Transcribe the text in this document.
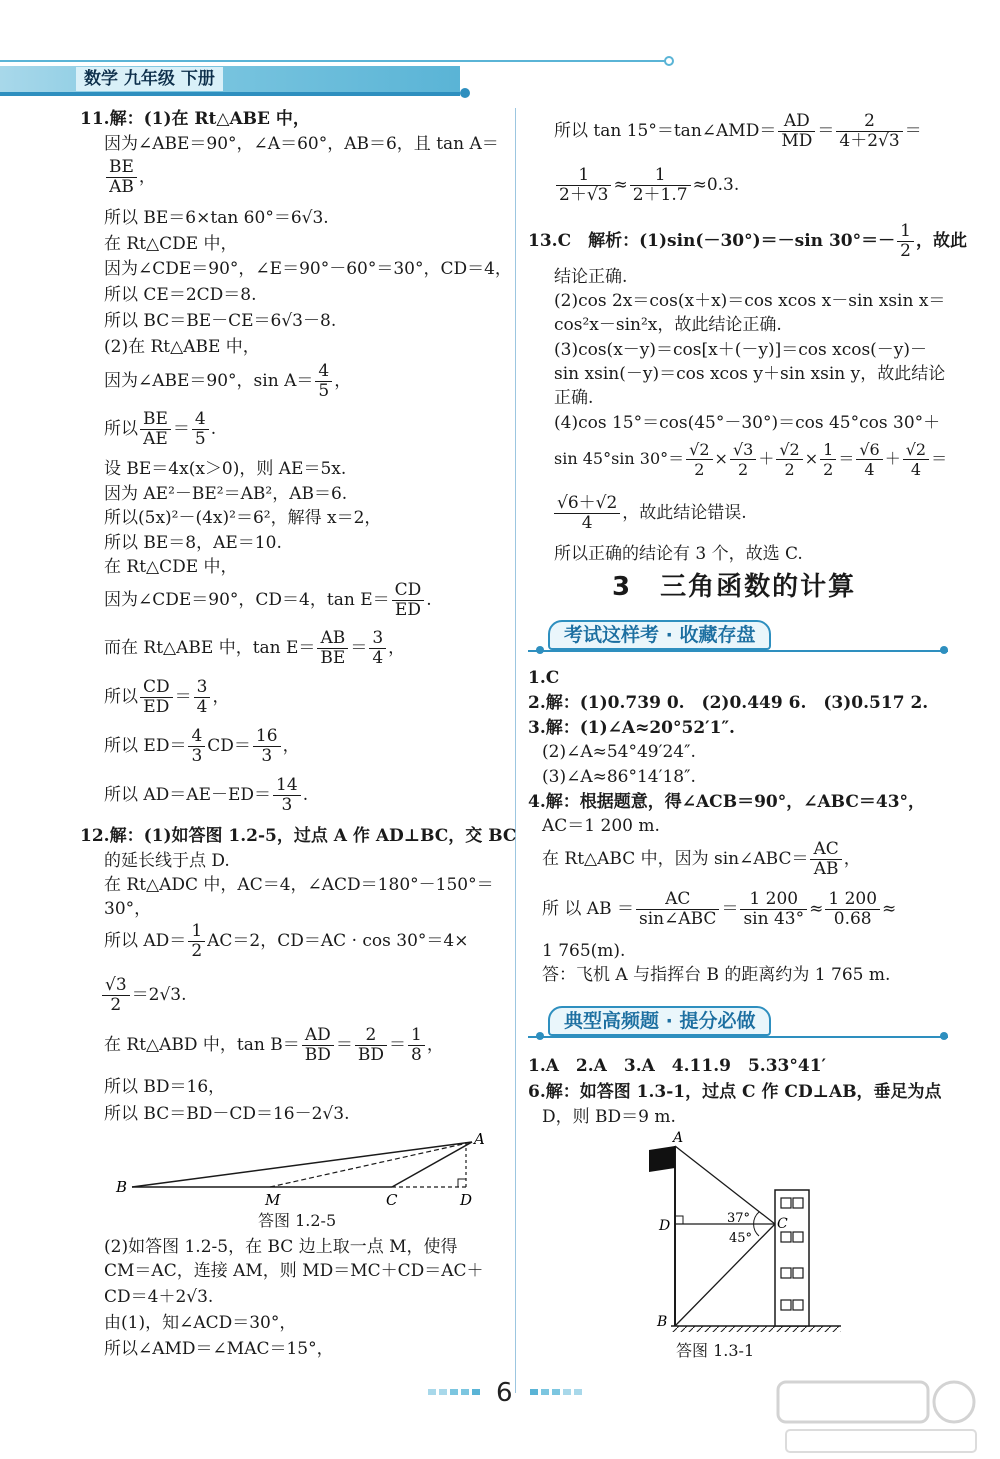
数学 九年级 下册
11.解：(1)在 Rt△ABE 中，
因为∠ABE＝90°，∠A＝60°，AB＝6，且 tan A＝
$\frac{BE}{AB}$ ，
所以 BE＝6×tan 60°＝6√3.
在 Rt△CDE 中，
因为∠CDE＝90°，∠E＝90°－60°＝30°，CD＝4，
所以 CE＝2CD＝8.
所以 BC＝BE－CE＝6√3－8.
(2)在 Rt△ABE 中，
因为∠ABE＝90°，$\sin A= \frac{4}{5}$ ，
所以 $\frac{BE}{AE} = \frac{4}{5}$ .
设 BE＝4x(x＞0)，则 AE＝5x.
因为 AE²－BE²＝AB²，AB＝6.
所以(5x)²－(4x)²＝6²，解得 x＝2，
所以 BE＝8，AE＝10.
在 Rt△CDE 中，
因为∠CDE＝90°，CD＝4，$\tan E= \frac{CD}{ED}$ .
而在 Rt△ABE 中，$\tan E= \frac{AB}{BE} = \frac{3}{4}$ ，
所以 $\frac{CD}{ED} = \frac{3}{4}$ ，
所以 $ED= \frac{4}{3} CD= \frac{16}{3}$ ，
所以 $AD=AE-ED= \frac{14}{3}$ .
12.解：(1)如答图 1.2-5，过点 A 作 AD⊥BC，交 BC
的延长线于点 D.
在 Rt△ADC 中，AC＝4，∠ACD＝180°－150°＝
30°，
所以 $AD= \frac{1}{2} AC=2$，CD＝AC · cos 30°＝4×
$\frac{√3}{2} =2√3$.
在 Rt△ABD 中，$\tan B= \frac{AD}{BD} = \frac{2}{BD} = \frac{1}{8}$ ，
所以 BD＝16，
所以 BC＝BD－CD＝16－2√3.
A
B
M	C	D
答图 1.2-5
(2)如答图 1.2-5，在 BC 边上取一点 M，使得
CM＝AC，连接 AM，则 MD＝MC＋CD＝AC＋
CD＝4＋2√3.
由(1)，知∠ACD＝30°，
所以∠AMD＝∠MAC＝15°，
所以 tan 15°＝tan∠AMD＝ $\frac{AD}{MD} = \frac{2}{4+2√3}$ ＝
$\frac{1}{2+√3} \approx \frac{1}{2+1.7} \approx 0.3$.
13.C　解析：(1)sin(－30°)＝－sin $30^\circ=- \frac{1}{2}$ ，故此
结论正确.
(2)cos 2x＝cos(x＋x)＝cos xcos x－sin xsin x＝
cos²x－sin²x，故此结论正确.
(3)cos(x－y)＝cos[x＋(－y)]＝cos xcos(－y)－
sin xsin(－y)＝cos xcos y＋sin xsin y，故此结论
正确.
(4)cos 15°＝cos(45°－30°)＝cos 45°cos 30°＋
sin 45°sin $30^\circ= \frac{√2}{2} \times \frac{√3}{2} + \frac{√2}{2} \times \frac{1}{2} = \frac{√6}{4} + \frac{√2}{4}$ ＝
$\frac{√6+√2}{4}$ ，故此结论错误.
所以正确的结论有 3 个，故选 C.
3 三角函数的计算
考试这样考 · 收藏存盘
1.C
2.解：(1)0.739 0.　(2)0.449 6.　(3)0.517 2.
3.解：(1)∠A≈20°52′1″.
(2)∠A≈54°49′24″.
(3)∠A≈86°14′18″.
4.解：根据题意，得∠ACB＝90°，∠ABC＝43°，
AC＝1 200 m.
在 Rt△ABC 中，因为 sin∠ABC＝ $\frac{AC}{AB}$ ，
所 以 AB ＝ $\frac{AC}{\text{sin∠ABC}} = \frac{1 200}{\sin 43^\circ} \approx \frac{1 200}{0.68}$ ≈
1 765(m).
答：飞机 A 与指挥台 B 的距离约为 1 765 m.
典型高频题 · 提分必做
1.A　2.A　3.A　4.11.9　5.33°41′
6.解：如答图 1.3-1，过点 C 作 CD⊥AB，垂足为点
D，则 BD＝9 m.
A
B
C
D	37°
45°
答图 1.3-1
6
